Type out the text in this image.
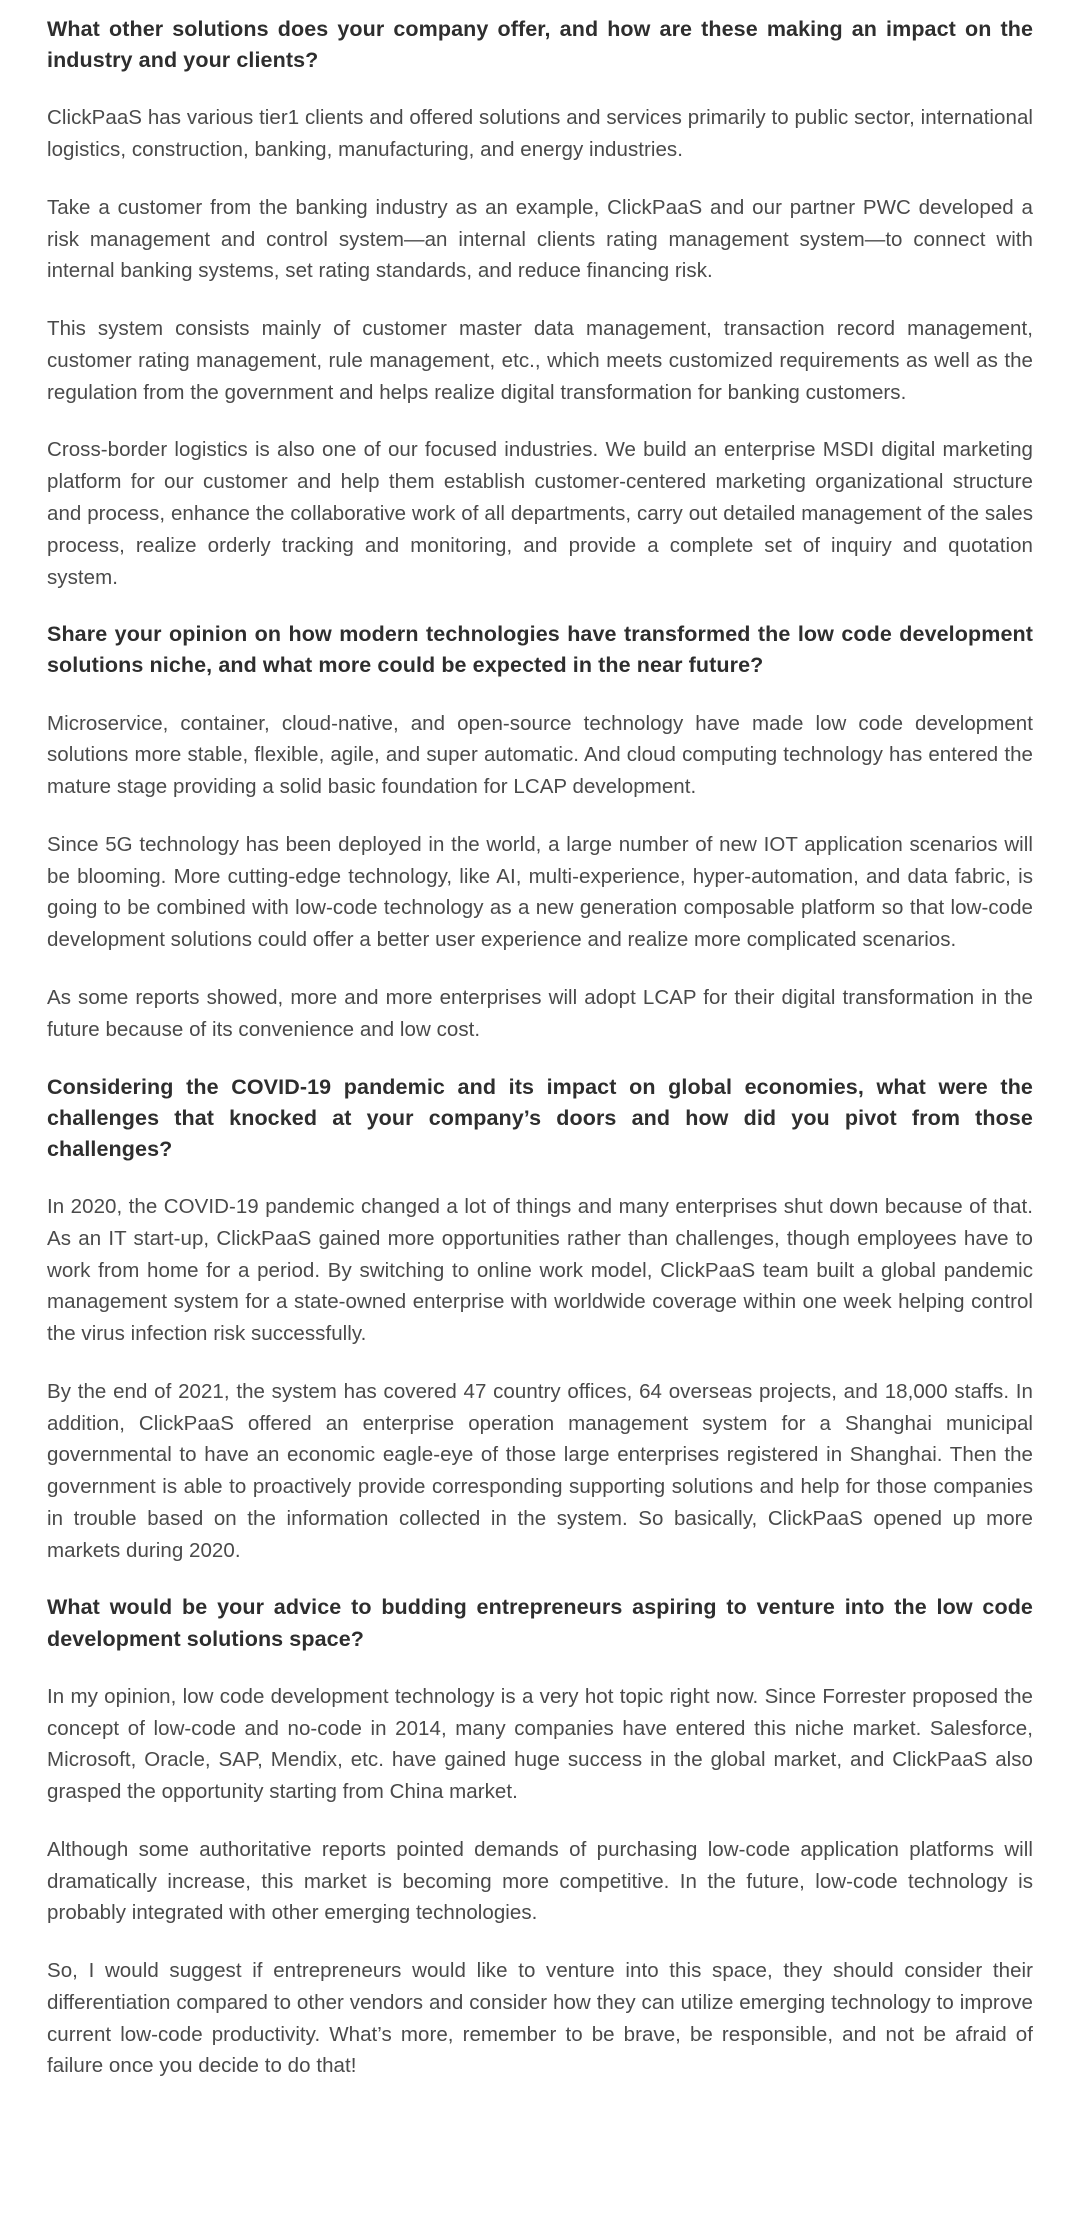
What other solutions does your company offer, and how are these making an impact on the industry and your clients?
ClickPaaS has various tier1 clients and offered solutions and services primarily to public sector, international logistics, construction, banking, manufacturing, and energy industries.
Take a customer from the banking industry as an example, ClickPaaS and our partner PWC developed a risk management and control system—an internal clients rating management system—to connect with internal banking systems, set rating standards, and reduce financing risk.
This system consists mainly of customer master data management, transaction record management, customer rating management, rule management, etc., which meets customized requirements as well as the regulation from the government and helps realize digital transformation for banking customers.
Cross-border logistics is also one of our focused industries. We build an enterprise MSDI digital marketing platform for our customer and help them establish customer-centered marketing organizational structure and process, enhance the collaborative work of all departments, carry out detailed management of the sales process, realize orderly tracking and monitoring, and provide a complete set of inquiry and quotation system.
Share your opinion on how modern technologies have transformed the low code development solutions niche, and what more could be expected in the near future?
Microservice, container, cloud-native, and open-source technology have made low code development solutions more stable, flexible, agile, and super automatic. And cloud computing technology has entered the mature stage providing a solid basic foundation for LCAP development.
Since 5G technology has been deployed in the world, a large number of new IOT application scenarios will be blooming. More cutting-edge technology, like AI, multi-experience, hyper-automation, and data fabric, is going to be combined with low-code technology as a new generation composable platform so that low-code development solutions could offer a better user experience and realize more complicated scenarios.
As some reports showed, more and more enterprises will adopt LCAP for their digital transformation in the future because of its convenience and low cost.
Considering the COVID-19 pandemic and its impact on global economies, what were the challenges that knocked at your company’s doors and how did you pivot from those challenges?
In 2020, the COVID-19 pandemic changed a lot of things and many enterprises shut down because of that. As an IT start-up, ClickPaaS gained more opportunities rather than challenges, though employees have to work from home for a period. By switching to online work model, ClickPaaS team built a global pandemic management system for a state-owned enterprise with worldwide coverage within one week helping control the virus infection risk successfully.
By the end of 2021, the system has covered 47 country offices, 64 overseas projects, and 18,000 staffs. In addition, ClickPaaS offered an enterprise operation management system for a Shanghai municipal governmental to have an economic eagle-eye of those large enterprises registered in Shanghai. Then the government is able to proactively provide corresponding supporting solutions and help for those companies in trouble based on the information collected in the system. So basically, ClickPaaS opened up more markets during 2020.
What would be your advice to budding entrepreneurs aspiring to venture into the low code development solutions space?
In my opinion, low code development technology is a very hot topic right now. Since Forrester proposed the concept of low-code and no-code in 2014, many companies have entered this niche market. Salesforce, Microsoft, Oracle, SAP, Mendix, etc. have gained huge success in the global market, and ClickPaaS also grasped the opportunity starting from China market.
Although some authoritative reports pointed demands of purchasing low-code application platforms will dramatically increase, this market is becoming more competitive. In the future, low-code technology is probably integrated with other emerging technologies.
So, I would suggest if entrepreneurs would like to venture into this space, they should consider their differentiation compared to other vendors and consider how they can utilize emerging technology to improve current low-code productivity. What’s more, remember to be brave, be responsible, and not be afraid of failure once you decide to do that!
